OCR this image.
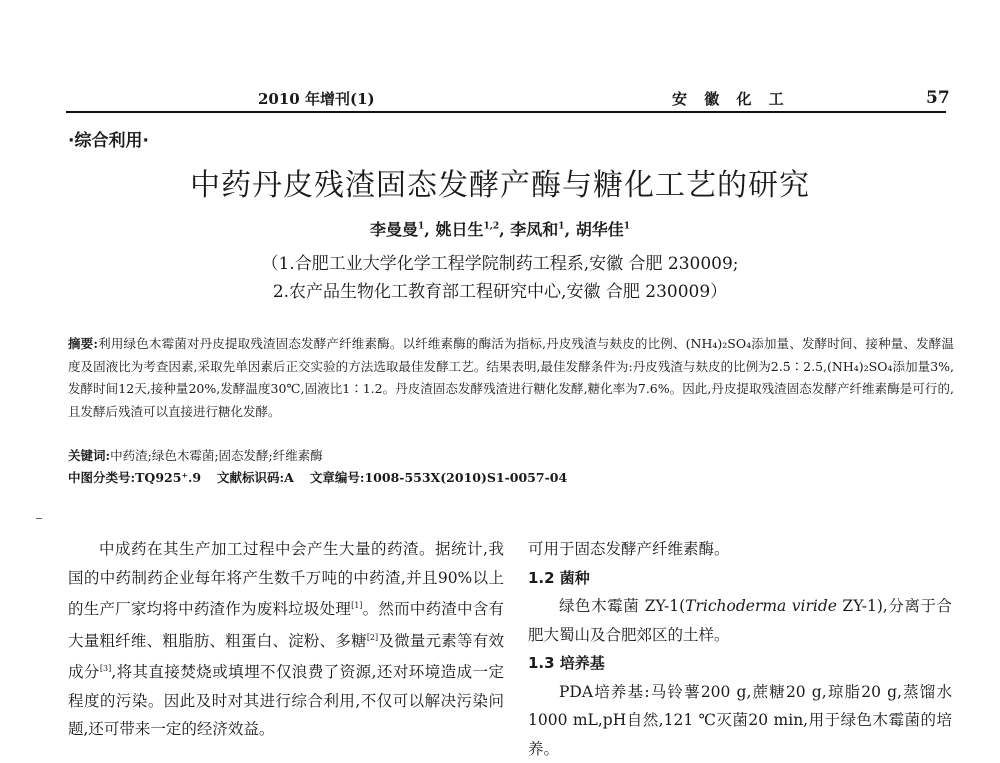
2010 年增刊(1)	安 徽 化 工	57
·综合利用·
中药丹皮残渣固态发酵产酶与糖化工艺的研究
李曼曼$^1$, 姚日生$^{1,2}$, 李凤和$^1$, 胡华佳$^1$
（1.合肥工业大学化学工程学院制药工程系,安徽 合肥 230009;
2.农产品生物化工教育部工程研究中心,安徽 合肥 230009）
摘要:利用绿色木霉菌对丹皮提取残渣固态发酵产纤维素酶。以纤维素酶的酶活为指标,丹皮残渣与麸皮的比例、(NH₄)₂SO₄添加量、发酵时间、接种量、发酵温度及固液比为考查因素,采取先单因素后正交实验的方法选取最佳发酵工艺。结果表明,最佳发酵条件为:丹皮残渣与麸皮的比例为2.5∶2.5,(NH₄)₂SO₄添加量3%,发酵时间12天,接种量20%,发酵温度30℃,固液比1∶1.2。丹皮渣固态发酵残渣进行糖化发酵,糖化率为7.6%。因此,丹皮提取残渣固态发酵产纤维素酶是可行的,且发酵后残渣可以直接进行糖化发酵。
关键词:中药渣;绿色木霉菌;固态发酵;纤维素酶
中图分类号:TQ925⁺.9 文献标识码:A 文章编号:1008-553X(2010)S1-0057-04

中成药在其生产加工过程中会产生大量的药渣。据统计,我国的中药制药企业每年将产生数千万吨的中药渣,并且90%以上的生产厂家均将中药渣作为废料垃圾处理[1]。然而中药渣中含有大量粗纤维、粗脂肪、粗蛋白、淀粉、多糖[2]及微量元素等有效成分[3],将其直接焚烧或填埋不仅浪费了资源,还对环境造成一定程度的污染。因此及时对其进行综合利用,不仅可以解决污染问题,还可带来一定的经济效益。

可用于固态发酵产纤维素酶。

1.2 菌种

绿色木霉菌 ZY-1(Trichoderma viride ZY-1),分离于合肥大蜀山及合肥郊区的土样。

1.3 培养基

PDA培养基:马铃薯200 g,蔗糖20 g,琼脂20 g,蒸馏水1000 mL,pH自然,121 ℃灭菌20 min,用于绿色木霉菌的培养。
